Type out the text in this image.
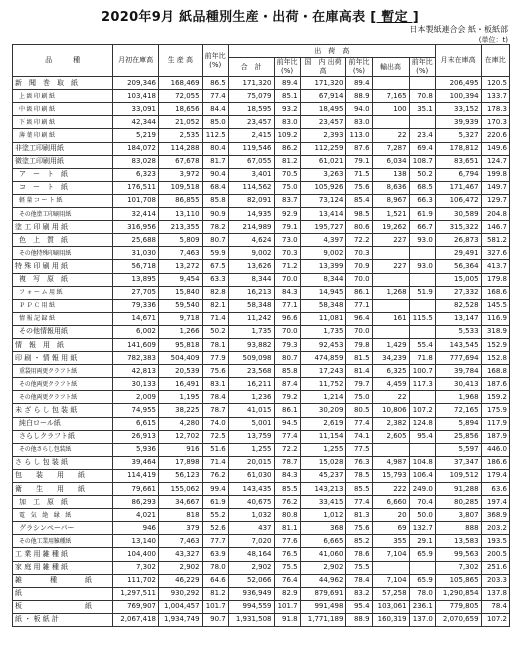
2020年9月 紙品種別生産・出荷・在庫高表 [ 暫定 ]
日本製紙連合会 紙・板紙部
(単位：t)
品　　　種	月初在庫高	生 産 高	前年比 (%)	出　荷　高						月末在庫高	在庫比
				合　計	前年比 (%)	国　内 出荷高	前年比 (%)	輸出高	前年比 (%)		
新　聞　巻　取　紙	209,346	168,469	86.5	171,320	89.4	171,320	89.4			206,495	120.5
上 級 印 刷 紙	103,418	72,055	77.4	75,079	85.1	67,914	88.9	7,165	70.8	100,394	133.7
中 級 印 刷 紙	33,091	18,656	84.4	18,595	93.2	18,495	94.0	100	35.1	33,152	178.3
下 級 印 刷 紙	42,344	21,052	85.0	23,457	83.0	23,457	83.0			39,939	170.3
薄 葉 印 刷 紙	5,219	2,535	112.5	2,415	109.2	2,393	113.0	22	23.4	5,327	220.6
非塗工印刷用紙	184,072	114,288	80.4	119,546	86.2	112,259	87.6	7,287	69.4	178,812	149.6
微塗工印刷用紙	83,028	67,678	81.7	67,055	81.2	61,021	79.1	6,034	108.7	83,651	124.7
ア　ー　ト　紙	6,323	3,972	90.4	3,401	70.5	3,263	71.5	138	50.2	6,794	199.8
コ　ー　ト　紙	176,511	109,518	68.4	114,562	75.0	105,926	75.6	8,636	68.5	171,467	149.7
軽 量 コ ー ト 紙	101,708	86,855	85.8	82,091	83.7	73,124	85.4	8,967	66.3	106,472	129.7
その他塗工印刷用紙	32,414	13,110	90.9	14,935	92.9	13,414	98.5	1,521	61.9	30,589	204.8
塗 工 印 刷 用 紙	316,956	213,355	78.2	214,989	79.1	195,727	80.6	19,262	66.7	315,322	146.7
色　上　質　紙	25,688	5,809	80.7	4,624	73.0	4,397	72.2	227	93.0	26,873	581.2
その他特殊印刷用紙	31,030	7,463	59.9	9,002	70.3	9,002	70.3			29,491	327.6
特 殊 印 刷 用 紙	56,718	13,272	67.5	13,626	71.2	13,399	70.9	227	93.0	56,364	413.7
複　写　原　紙	13,895	9,454	63.3	8,344	70.0	8,344	70.0			15,005	179.8
フ ォ ー ム 用 紙	27,705	15,840	82.8	16,213	84.3	14,945	86.1	1,268	51.9	27,332	168.6
Ｐ Ｐ Ｃ 用 紙	79,336	59,540	82.1	58,348	77.1	58,348	77.1			82,528	145.5
情 報 記 録 紙	14,671	9,718	71.4	11,242	96.6	11,081	96.4	161	115.5	13,147	116.9
その他情報用紙	6,002	1,266	50.2	1,735	70.0	1,735	70.0			5,533	318.9
情　報　用　紙	141,609	95,818	78.1	93,882	79.3	92,453	79.8	1,429	55.4	143,545	152.9
印 刷 ・ 情 報 用 紙	782,383	504,409	77.9	509,098	80.7	474,859	81.5	34,239	71.8	777,694	152.8
重袋用両更クラフト紙	42,813	20,539	75.6	23,568	85.8	17,243	81.4	6,325	100.7	39,784	168.8
その他両更クラフト紙	30,133	16,491	83.1	16,211	87.4	11,752	79.7	4,459	117.3	30,413	187.6
その他両更クラフト紙	2,009	1,195	78.4	1,236	79.2	1,214	75.0	22		1,968	159.2
未 ざ ら し 包 装 紙	74,955	38,225	78.7	41,015	86.1	30,209	80.5	10,806	107.2	72,165	175.9
純白ロール紙	6,615	4,280	74.0	5,001	94.5	2,619	77.4	2,382	124.8	5,894	117.9
さらしクラフト紙	26,913	12,702	72.5	13,759	77.4	11,154	74.1	2,605	95.4	25,856	187.9
その他さらし包装紙	5,936	916	51.6	1,255	72.2	1,255	77.5			5,597	446.0
さ ら し 包 装 紙	39,464	17,898	71.4	20,015	78.7	15,028	76.3	4,987	104.8	37,347	186.6
包　　装　　用　　紙	114,419	56,123	76.2	61,030	84.3	45,237	78.5	15,793	106.4	109,512	179.4
衛　　生　　用　　紙	79,661	155,062	99.4	143,435	85.5	143,213	85.5	222	249.0	91,288	63.6
加　工　原　紙	86,293	34,667	61.9	40,675	76.2	33,415	77.4	6,660	70.4	80,285	197.4
電　気　絶　縁　紙	4,021	818	55.2	1,032	80.8	1,012	81.3	20	50.0	3,807	368.9
グラシンペーパー	946	379	52.6	437	81.1	368	75.6	69	132.7	888	203.2
その他工業用雑種紙	13,140	7,463	77.7	7,020	77.6	6,665	85.2	355	29.1	13,583	193.5
工 業 用 雑 種 紙	104,400	43,327	63.9	48,164	76.5	41,060	78.6	7,104	65.9	99,563	200.5
家 庭 用 雑 種 紙	7,302	2,902	78.0	2,902	75.5	2,902	75.5			7,302	251.6
雑　　　　種　　　　紙	111,702	46,229	64.6	52,066	76.4	44,962	78.4	7,104	65.9	105,865	203.3
紙	1,297,511	930,292	81.2	936,949	82.9	879,691	83.2	57,258	78.0	1,290,854	137.8
板　　　　　　　　　紙	769,907	1,004,457	101.7	994,559	101.7	991,498	95.4	103,061	236.1	779,805	78.4
紙 ・ 板 紙 計	2,067,418	1,934,749	90.7	1,931,508	91.8	1,771,189	88.9	160,319	137.0	2,070,659	107.2
